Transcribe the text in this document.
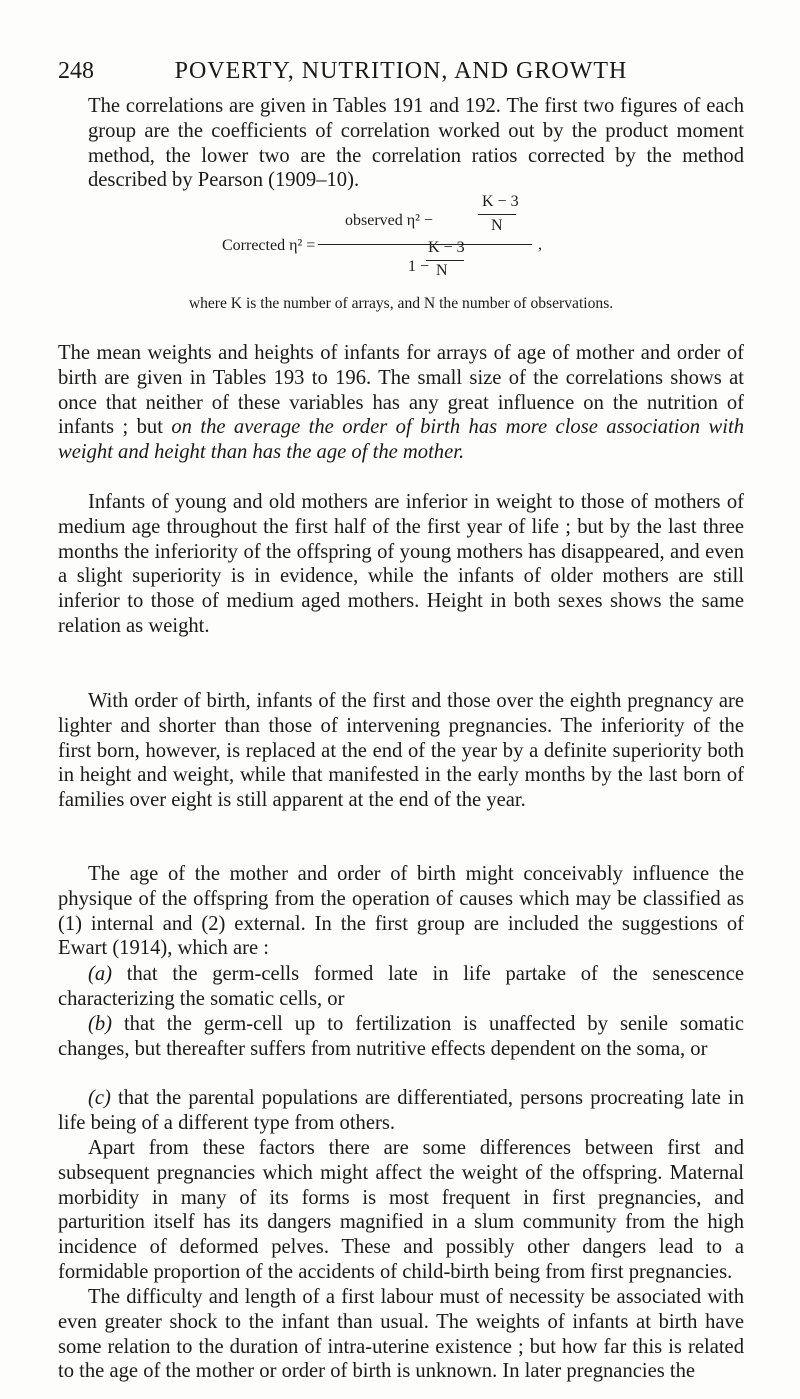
248	POVERTY, NUTRITION, AND GROWTH

The correlations are given in Tables 191 and 192. The first two figures of each group are the coefficients of correlation worked out by the product moment method, the lower two are the correlation ratios corrected by the method described by Pearson (1909–10).

Corrected η² =
observed η² −
K − 3
N
1 −
K − 3
N
,
where K is the number of arrays, and N the number of observations.

The mean weights and heights of infants for arrays of age of mother and order of birth are given in Tables 193 to 196. The small size of the correlations shows at once that neither of these variables has any great influence on the nutrition of infants ; but on the average the order of birth has more close association with weight and height than has the age of the mother.

Infants of young and old mothers are inferior in weight to those of mothers of medium age throughout the first half of the first year of life ; but by the last three months the inferiority of the offspring of young mothers has disappeared, and even a slight superiority is in evidence, while the infants of older mothers are still inferior to those of medium aged mothers. Height in both sexes shows the same relation as weight.

With order of birth, infants of the first and those over the eighth pregnancy are lighter and shorter than those of intervening pregnancies. The inferiority of the first born, however, is replaced at the end of the year by a definite superiority both in height and weight, while that manifested in the early months by the last born of families over eight is still apparent at the end of the year.

The age of the mother and order of birth might conceivably influence the physique of the offspring from the operation of causes which may be classified as (1) internal and (2) external. In the first group are included the suggestions of Ewart (1914), which are :

(a) that the germ-cells formed late in life partake of the senescence characterizing the somatic cells, or

(b) that the germ-cell up to fertilization is unaffected by senile somatic changes, but thereafter suffers from nutritive effects dependent on the soma, or

(c) that the parental populations are differentiated, persons procreating late in life being of a different type from others.

Apart from these factors there are some differences between first and subsequent pregnancies which might affect the weight of the offspring. Maternal morbidity in many of its forms is most frequent in first pregnancies, and parturition itself has its dangers magnified in a slum community from the high incidence of deformed pelves. These and possibly other dangers lead to a formidable proportion of the accidents of child-birth being from first pregnancies.

The difficulty and length of a first labour must of necessity be associated with even greater shock to the infant than usual. The weights of infants at birth have some relation to the duration of intra-uterine existence ; but how far this is related to the age of the mother or order of birth is unknown. In later pregnancies the
